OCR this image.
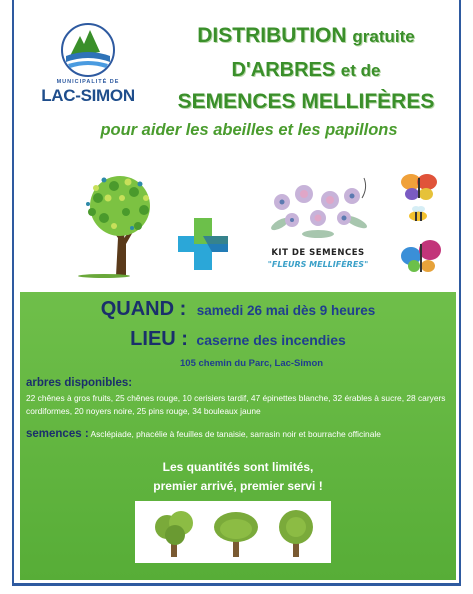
MUNICIPALITÉ DE
LAC-SIMON
DISTRIBUTION gratuite
D'ARBRES et de
SEMENCES MELLIFÈRES
pour aider les abeilles et les papillons
KIT DE SEMENCES
"FLEURS MELLIFÈRES"
QUAND : samedi 26 mai dès 9 heures
LIEU : caserne des incendies
105 chemin du Parc, Lac-Simon
arbres disponibles:
22 chênes à gros fruits, 25 chênes rouge, 10 cerisiers tardif, 47 épinettes blanche, 32 érables à sucre, 28 caryers cordiformes, 20 noyers noire, 25 pins rouge, 34 bouleaux jaune
semences : Asclépiade, phacélie à feuilles de tanaisie, sarrasin noir et bourrache officinale
Les quantités sont limités,
premier arrivé, premier servi !
